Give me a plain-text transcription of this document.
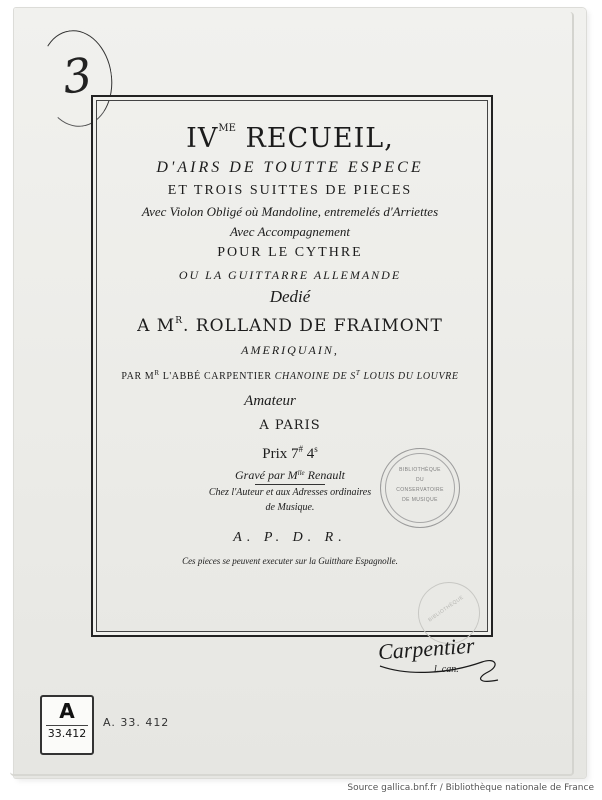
3
$IV^{ME}$ RECUEIL,
D'AIRS DE TOUTTE ESPECE
ET TROIS SUITTES DE PIECES
Avec Violon Obligé où Mandoline, entremelés d'Arriettes
Avec Accompagnement
POUR LE CYTHRE
OU LA GUITTARRE ALLEMANDE
Dedié
A $M^R$. ROLLAND DE FRAIMONT
AMERIQUAIN,
PAR $M^R$ L'ABBÉ CARPENTIER CHANOINE DE $S^T$ LOUIS DU LOUVRE
Amateur
A PARIS
Prix 7# 4$^s$
Gravé par $M^{lle}$ Renault
Chez l'Auteur et aux Adresses ordinaires
de Musique.
A. P. D. R.
Ces pieces se peuvent executer sur la Guitthare Espagnolle.
BIBLIOTHÈQUE
DU
CONSERVATOIRE
DE MUSIQUE
BIBLIOTHÈQUE
Carpentier
l. can.
A
33.412
A. 33. 412
Source gallica.bnf.fr / Bibliothèque nationale de France
